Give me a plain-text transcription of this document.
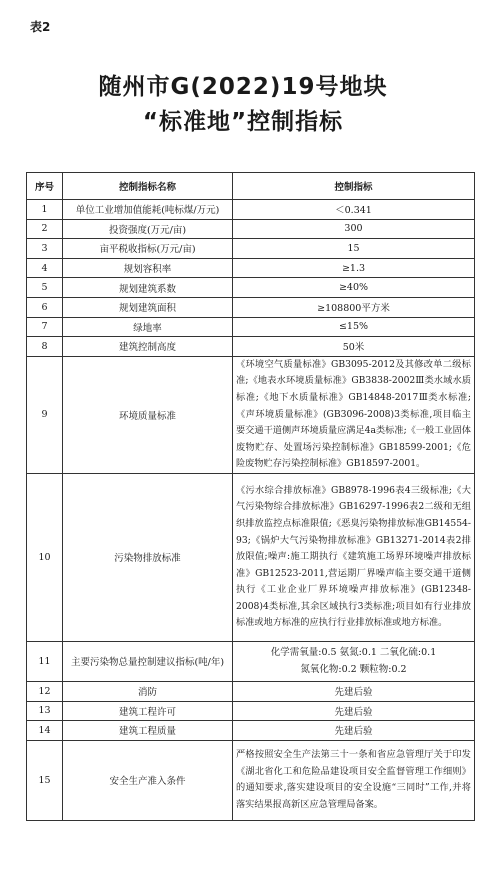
表2
随州市G(2022)19号地块
“标准地”控制指标
序号	控制指标名称	控制指标
1	单位工业增加值能耗(吨标煤/万元)	＜0.341
2	投资强度(万元/亩)	300
3	亩平税收指标(万元/亩)	15
4	规划容积率	≥1.3
5	规划建筑系数	≥40%
6	规划建筑面积	≥108800平方米
7	绿地率	≤15%
8	建筑控制高度	50米
9	环境质量标准	《环境空气质量标准》GB3095-2012及其修改单二级标准;《地表水环境质量标准》GB3838-2002Ⅲ类水域水质标准;《地下水质量标准》GB14848-2017Ⅲ类水标准;《声环境质量标准》(GB3096-2008)3类标准,项目临主要交通干道侧声环境质量应满足4a类标准;《一般工业固体废物贮存、处置场污染控制标准》GB18599-2001;《危险废物贮存污染控制标准》GB18597-2001。
10	污染物排放标准	《污水综合排放标准》GB8978-1996表4三级标准;《大气污染物综合排放标准》GB16297-1996表2二级和无组织排放监控点标准限值;《恶臭污染物排放标准GB14554-93;《锅炉大气污染物排放标准》GB13271-2014表2排放限值;噪声:施工期执行《建筑施工场界环境噪声排放标准》GB12523-2011,营运期厂界噪声临主要交通干道侧执行《工业企业厂界环境噪声排放标准》(GB12348-2008)4类标准,其余区域执行3类标准;项目如有行业排放标准或地方标准的应执行行业排放标准或地方标准。
11	主要污染物总量控制建议指标(吨/年)	化学需氧量:0.5 氨氮:0.1 二氧化硫:0.1
氮氧化物:0.2 颗粒物:0.2

12	消防	先建后验
13	建筑工程许可	先建后验
14	建筑工程质量	先建后验
15	安全生产准入条件	严格按照安全生产法第三十一条和省应急管理厅关于印发《湖北省化工和危险品建设项目安全监督管理工作细则》的通知要求,落实建设项目的安全设施“三同时”工作,并将落实结果报高新区应急管理局备案。
